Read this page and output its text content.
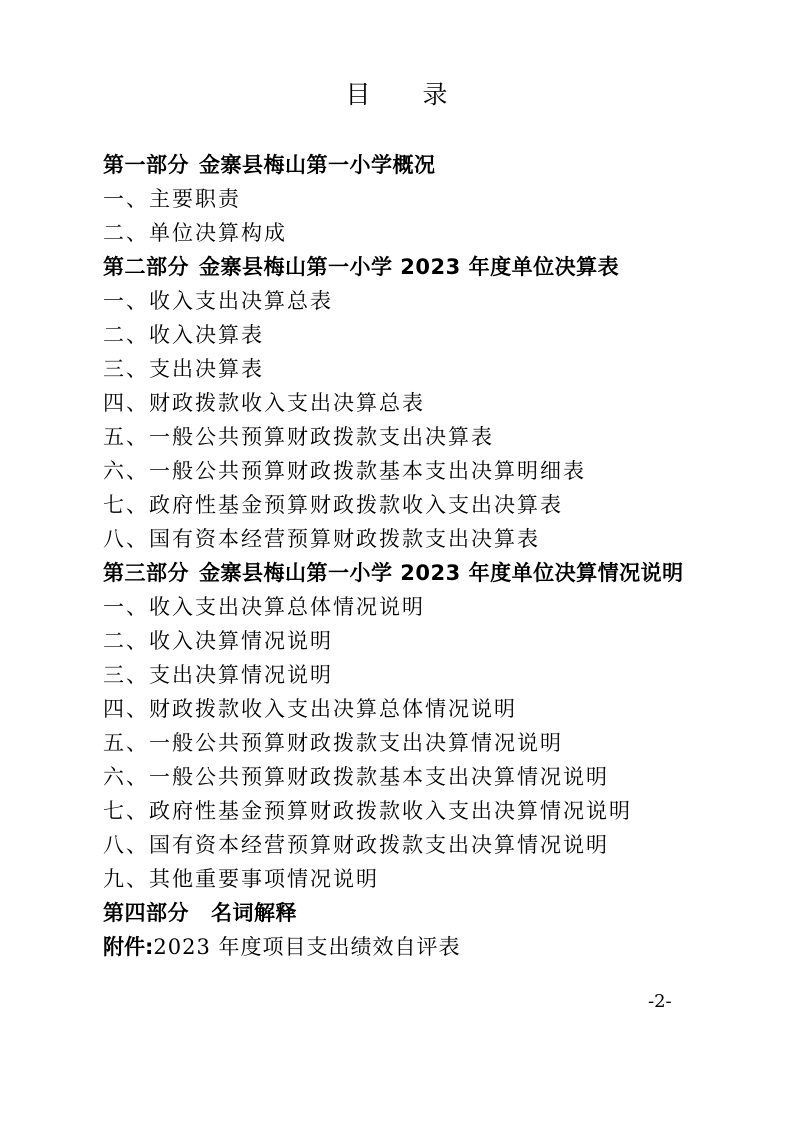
目 录

第一部分 金寨县梅山第一小学概况

一、主要职责

二、单位决算构成

第二部分 金寨县梅山第一小学 2023 年度单位决算表

一、收入支出决算总表

二、收入决算表

三、支出决算表

四、财政拨款收入支出决算总表

五、一般公共预算财政拨款支出决算表

六、一般公共预算财政拨款基本支出决算明细表

七、政府性基金预算财政拨款收入支出决算表

八、国有资本经营预算财政拨款支出决算表

第三部分 金寨县梅山第一小学 2023 年度单位决算情况说明

一、收入支出决算总体情况说明

二、收入决算情况说明

三、支出决算情况说明

四、财政拨款收入支出决算总体情况说明

五、一般公共预算财政拨款支出决算情况说明

六、一般公共预算财政拨款基本支出决算情况说明

七、政府性基金预算财政拨款收入支出决算情况说明

八、国有资本经营预算财政拨款支出决算情况说明

九、其他重要事项情况说明

第四部分 名词解释

附件:2023 年度项目支出绩效自评表

-2-
